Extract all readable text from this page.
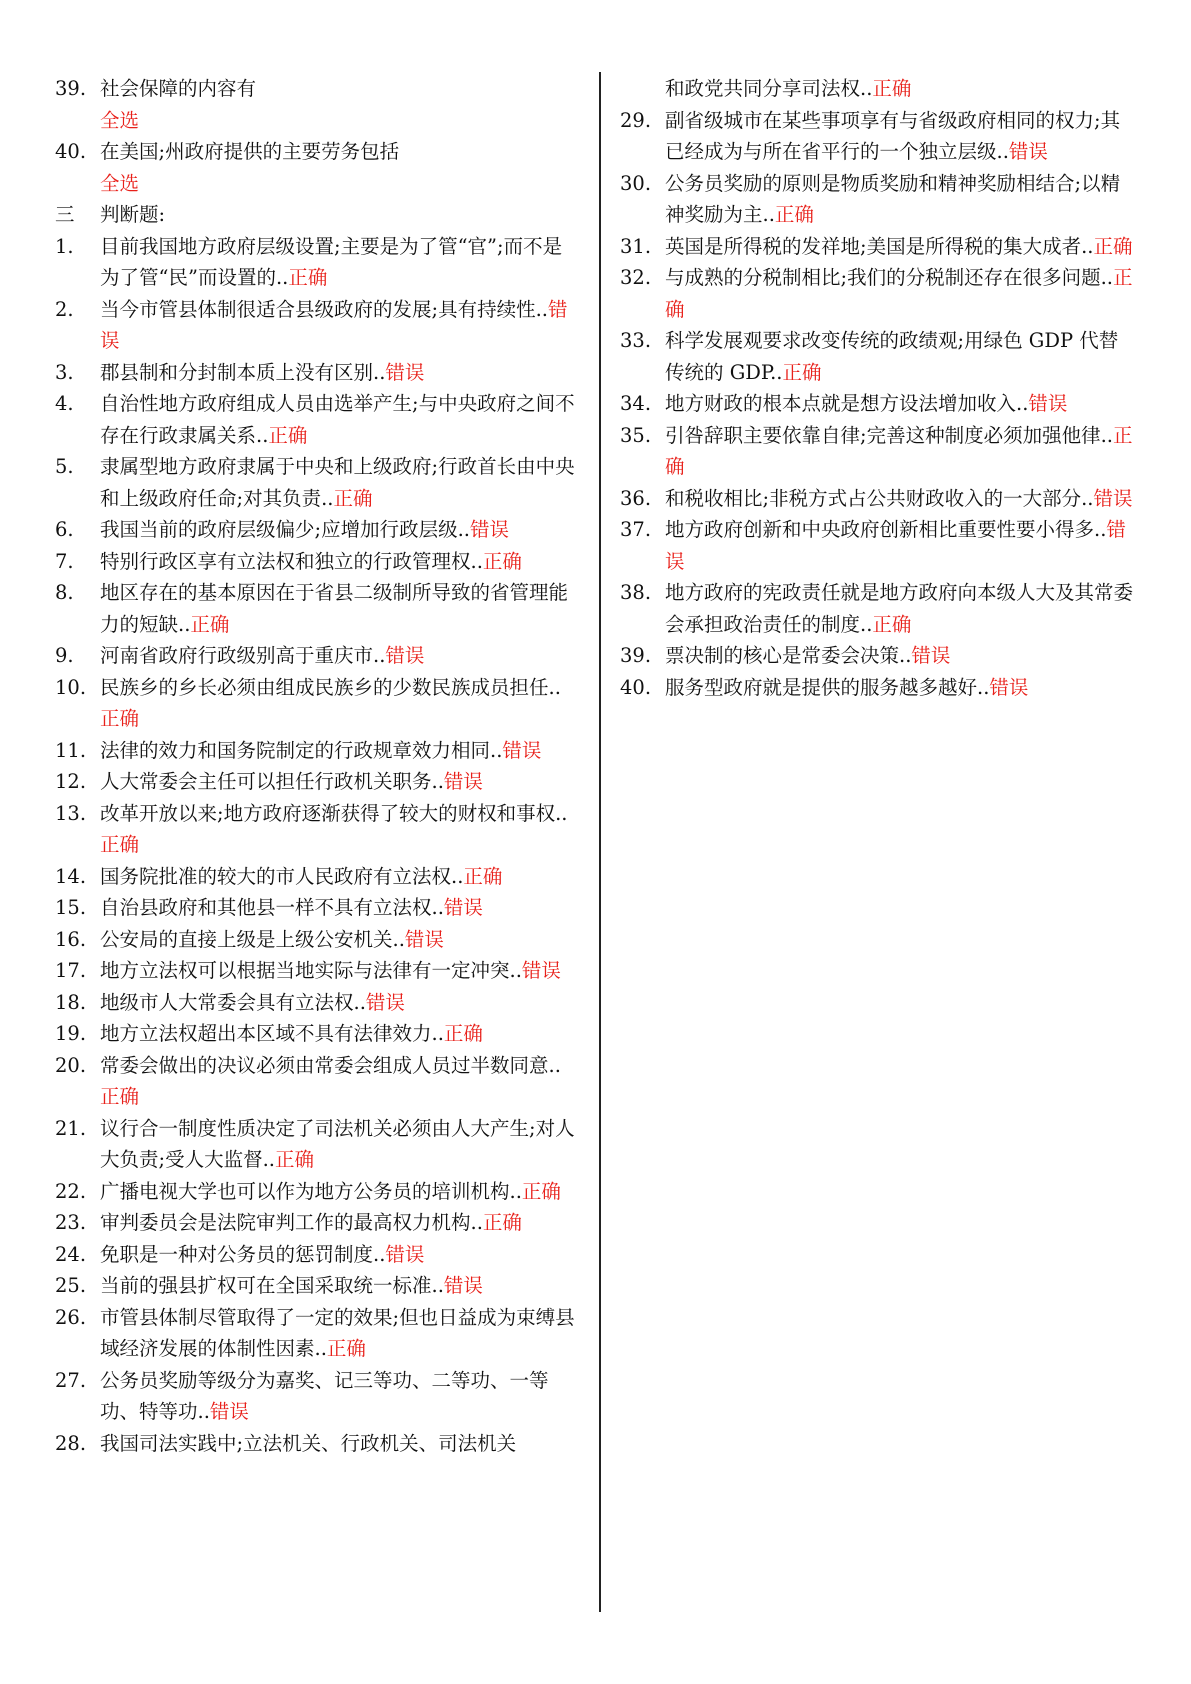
39. 社会保障的内容有
全选
40. 在美国;州政府提供的主要劳务包括
全选
三 判断题:
1. 目前我国地方政府层级设置;主要是为了管“官”;而不是为了管“民”而设置的..正确
2. 当今市管县体制很适合县级政府的发展;具有持续性..错误
3. 郡县制和分封制本质上没有区别..错误
4. 自治性地方政府组成人员由选举产生;与中央政府之间不存在行政隶属关系..正确
5. 隶属型地方政府隶属于中央和上级政府;行政首长由中央和上级政府任命;对其负责..正确
6. 我国当前的政府层级偏少;应增加行政层级..错误
7. 特别行政区享有立法权和独立的行政管理权..正确
8. 地区存在的基本原因在于省县二级制所导致的省管理能力的短缺..正确
9. 河南省政府行政级别高于重庆市..错误
10. 民族乡的乡长必须由组成民族乡的少数民族成员担任..正确
11. 法律的效力和国务院制定的行政规章效力相同..错误
12. 人大常委会主任可以担任行政机关职务..错误
13. 改革开放以来;地方政府逐渐获得了较大的财权和事权..正确
14. 国务院批准的较大的市人民政府有立法权..正确
15. 自治县政府和其他县一样不具有立法权..错误
16. 公安局的直接上级是上级公安机关..错误
17. 地方立法权可以根据当地实际与法律有一定冲突..错误
18. 地级市人大常委会具有立法权..错误
19. 地方立法权超出本区域不具有法律效力..正确
20. 常委会做出的决议必须由常委会组成人员过半数同意..正确
21. 议行合一制度性质决定了司法机关必须由人大产生;对人大负责;受人大监督..正确
22. 广播电视大学也可以作为地方公务员的培训机构..正确
23. 审判委员会是法院审判工作的最高权力机构..正确
24. 免职是一种对公务员的惩罚制度..错误
25. 当前的强县扩权可在全国采取统一标准..错误
26. 市管县体制尽管取得了一定的效果;但也日益成为束缚县域经济发展的体制性因素..正确
27. 公务员奖励等级分为嘉奖、记三等功、二等功、一等功、特等功..错误
28. 我国司法实践中;立法机关、行政机关、司法机关
和政党共同分享司法权..正确
29. 副省级城市在某些事项享有与省级政府相同的权力;其已经成为与所在省平行的一个独立层级..错误
30. 公务员奖励的原则是物质奖励和精神奖励相结合;以精神奖励为主..正确
31. 英国是所得税的发祥地;美国是所得税的集大成者..正确
32. 与成熟的分税制相比;我们的分税制还存在很多问题..正确
33. 科学发展观要求改变传统的政绩观;用绿色 GDP 代替传统的 GDP..正确
34. 地方财政的根本点就是想方设法增加收入..错误
35. 引咎辞职主要依靠自律;完善这种制度必须加强他律..正确
36. 和税收相比;非税方式占公共财政收入的一大部分..错误
37. 地方政府创新和中央政府创新相比重要性要小得多..错误
38. 地方政府的宪政责任就是地方政府向本级人大及其常委会承担政治责任的制度..正确
39. 票决制的核心是常委会决策..错误
40. 服务型政府就是提供的服务越多越好..错误
